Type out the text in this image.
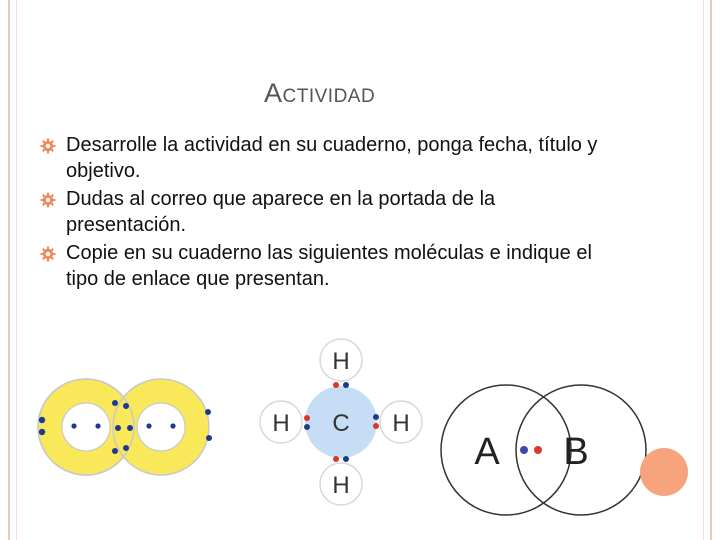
ACTIVIDAD
Desarrolle la actividad en su cuaderno, ponga fecha, título y objetivo.
Dudas al correo que aparece en la portada de la presentación.
Copie en su cuaderno las siguientes moléculas e indique el tipo de enlace que presentan.
H
H C H
H
A B
